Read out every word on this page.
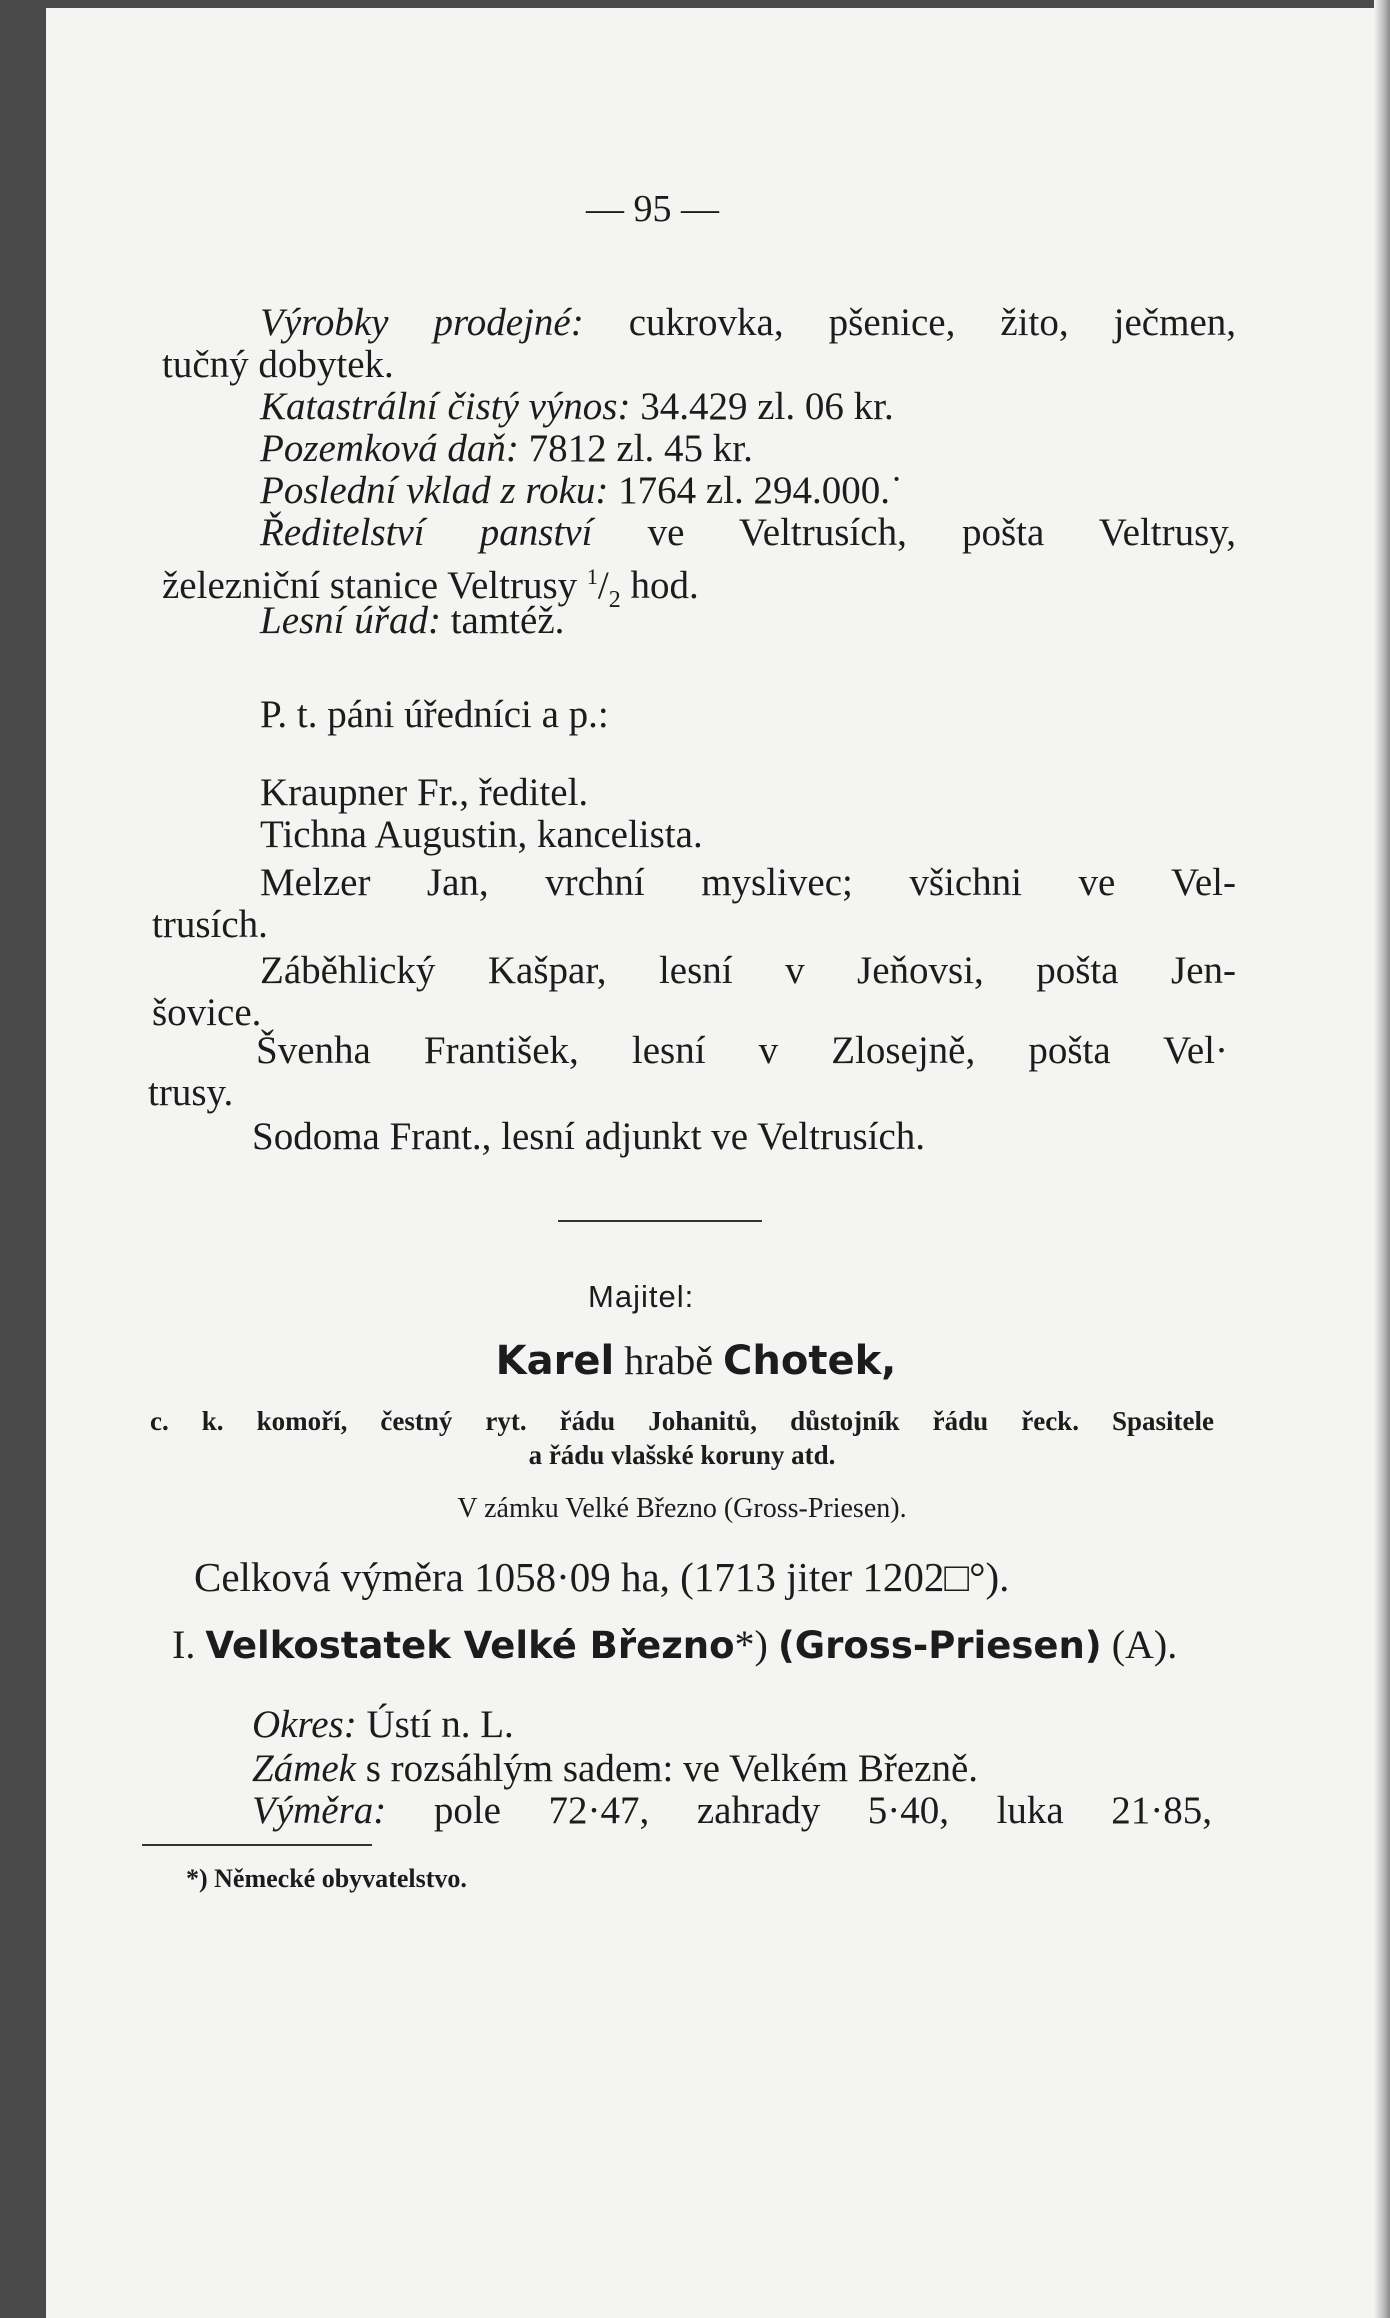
— 95 —
Výrobky prodejné: cukrovka, pšenice, žito, ječmen,
tučný dobytek.
Katastrální čistý výnos: 34.429 zl. 06 kr.
Pozemková daň: 7812 zl. 45 kr.
Poslední vklad z roku: 1764 zl. 294.000.˙
Ředitelství panství ve Veltrusích, pošta Veltrusy,
železniční stanice Veltrusy $^1/_2$ hod.
Lesní úřad: tamtéž.
P. t. páni úředníci a p.:
Kraupner Fr., ředitel.
Tichna Augustin, kancelista.
Melzer Jan, vrchní myslivec; všichni ve Vel-
trusích.
Záběhlický Kašpar, lesní v Jeňovsi, pošta Jen-
šovice.
Švenha František, lesní v Zlosejně, pošta Vel·
trusy.
Sodoma Frant., lesní adjunkt ve Veltrusích.
Majitel:
Karel hrabě Chotek,
c. k. komoří, čestný ryt. řádu Johanitů, důstojník řádu řeck. Spasitele
a řádu vlašské koruny atd.
V zámku Velké Březno (Gross-Priesen).
Celková výměra 1058·09 ha, (1713 jiter 1202□°).
I. Velkostatek Velké Březno*) (Gross-Priesen) (A).
Okres: Ústí n. L.
Zámek s rozsáhlým sadem: ve Velkém Březně.
Výměra: pole 72·47, zahrady 5·40, luka 21·85,
*) Německé obyvatelstvo.
